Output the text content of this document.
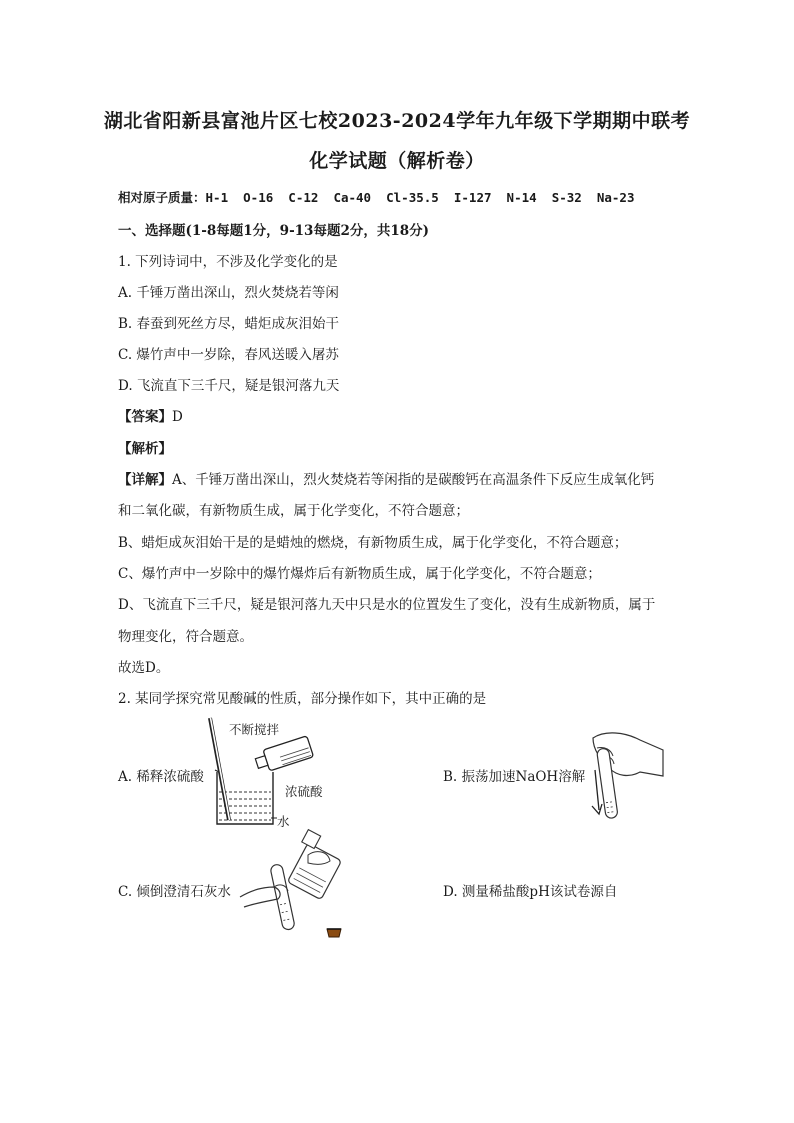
湖北省阳新县富池片区七校2023-2024学年九年级下学期期中联考
化学试题（解析卷）
相对原子质量：H-1  O-16  C-12  Ca-40  Cl-35.5  I-127  N-14  S-32  Na-23
一、选择题(1-8每题1分，9-13每题2分，共18分)
1. 下列诗词中，不涉及化学变化的是
A. 千锤万凿出深山，烈火焚烧若等闲
B. 春蚕到死丝方尽，蜡炬成灰泪始干
C. 爆竹声中一岁除，春风送暖入屠苏
D. 飞流直下三千尺，疑是银河落九天
【答案】D
【解析】
【详解】A、千锤万凿出深山，烈火焚烧若等闲指的是碳酸钙在高温条件下反应生成氧化钙
和二氧化碳，有新物质生成，属于化学变化，不符合题意；
B、蜡炬成灰泪始干是的是蜡烛的燃烧，有新物质生成，属于化学变化，不符合题意；
C、爆竹声中一岁除中的爆竹爆炸后有新物质生成，属于化学变化，不符合题意；
D、飞流直下三千尺，疑是银河落九天中只是水的位置发生了变化，没有生成新物质，属于
物理变化，符合题意。
故选D。
2. 某同学探究常见酸碱的性质，部分操作如下，其中正确的是
A. 稀释浓硫酸	B. 振荡加速NaOH溶解
C. 倾倒澄清石灰水	D. 测量稀盐酸pH该试卷源自
不断搅拌
浓硫酸
水
